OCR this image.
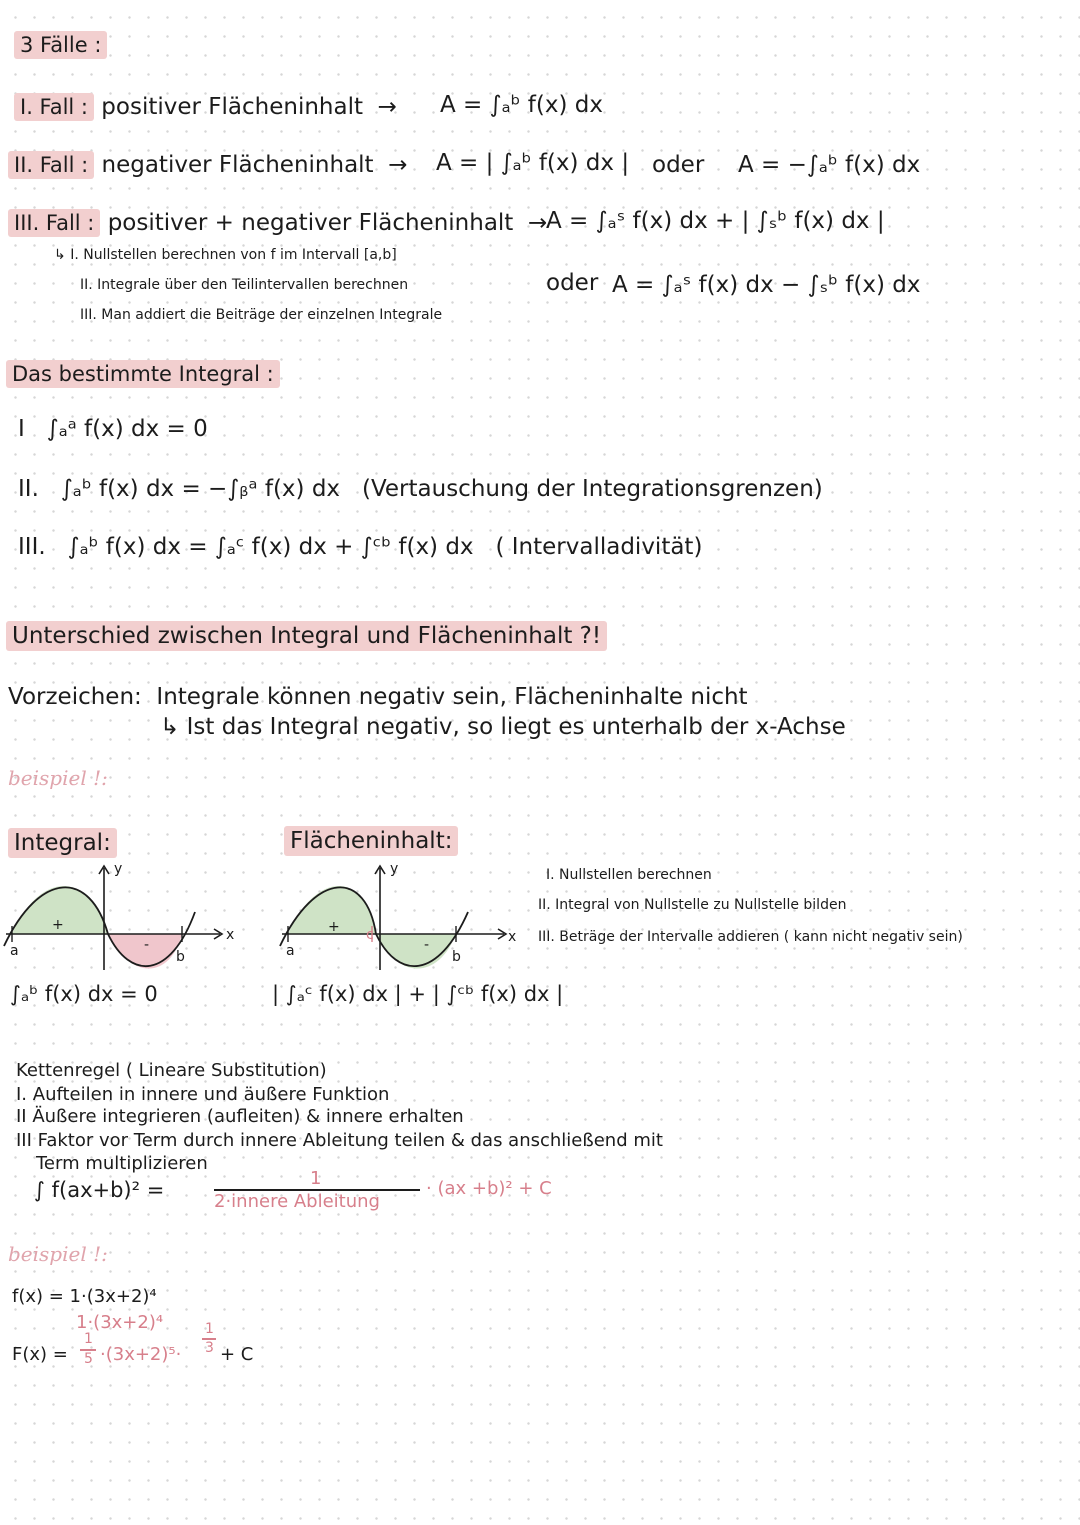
3 Fälle :
I. Fall : positiver Flächeninhalt  → A = ∫ₐᵇ f(x) dx
II. Fall : negativer Flächeninhalt  → A = | ∫ₐᵇ f(x) dx | oder A = −∫ₐᵇ f(x) dx
III. Fall : positiver + negativer Flächeninhalt  →
A = ∫ₐˢ f(x) dx + | ∫ₛᵇ f(x) dx |
↳ I. Nullstellen berechnen von f im Intervall [a,b]
II. Integrale über den Teilintervallen berechnen
III. Man addiert die Beiträge der einzelnen Integrale
oder A = ∫ₐˢ f(x) dx − ∫ₛᵇ f(x) dx
Das bestimmte Integral :
I ∫ₐᵃ f(x) dx = 0
II. ∫ₐᵇ f(x) dx = −∫ᵦᵃ f(x) dx (Vertauschung der Integrationsgrenzen)
III. ∫ₐᵇ f(x) dx = ∫ₐᶜ f(x) dx + ∫ᶜᵇ f(x) dx ( Intervalladivität)
Unterschied zwischen Integral und Flächeninhalt ?!
Vorzeichen: Integrale können negativ sein, Flächeninhalte nicht
↳ Ist das Integral negativ, so liegt es unterhalb der x-Achse
beispiel !:
Integral:	Flächeninhalt:
y
x
+
-
a	b
∫ₐᵇ f(x) dx = 0
y
x
+
-
a
c
b
| ∫ₐᶜ f(x) dx | + | ∫ᶜᵇ f(x) dx |
I. Nullstellen berechnen
II. Integral von Nullstelle zu Nullstelle bilden
III. Beträge der Intervalle addieren ( kann nicht negativ sein)
Kettenregel ( Lineare Substitution)
I. Aufteilen in innere und äußere Funktion
II Äußere integrieren (aufleiten) & innere erhalten
III Faktor vor Term durch innere Ableitung teilen & das anschließend mit
Term multiplizieren
∫ f(ax+b)² =	1
2·innere Ableitung
· (ax +b)² + C
beispiel !:
f(x) = 1·(3x+2)⁴
1·(3x+2)⁴
F(x) =
1
5 ·(3x+2)⁵·
1
3 + C
